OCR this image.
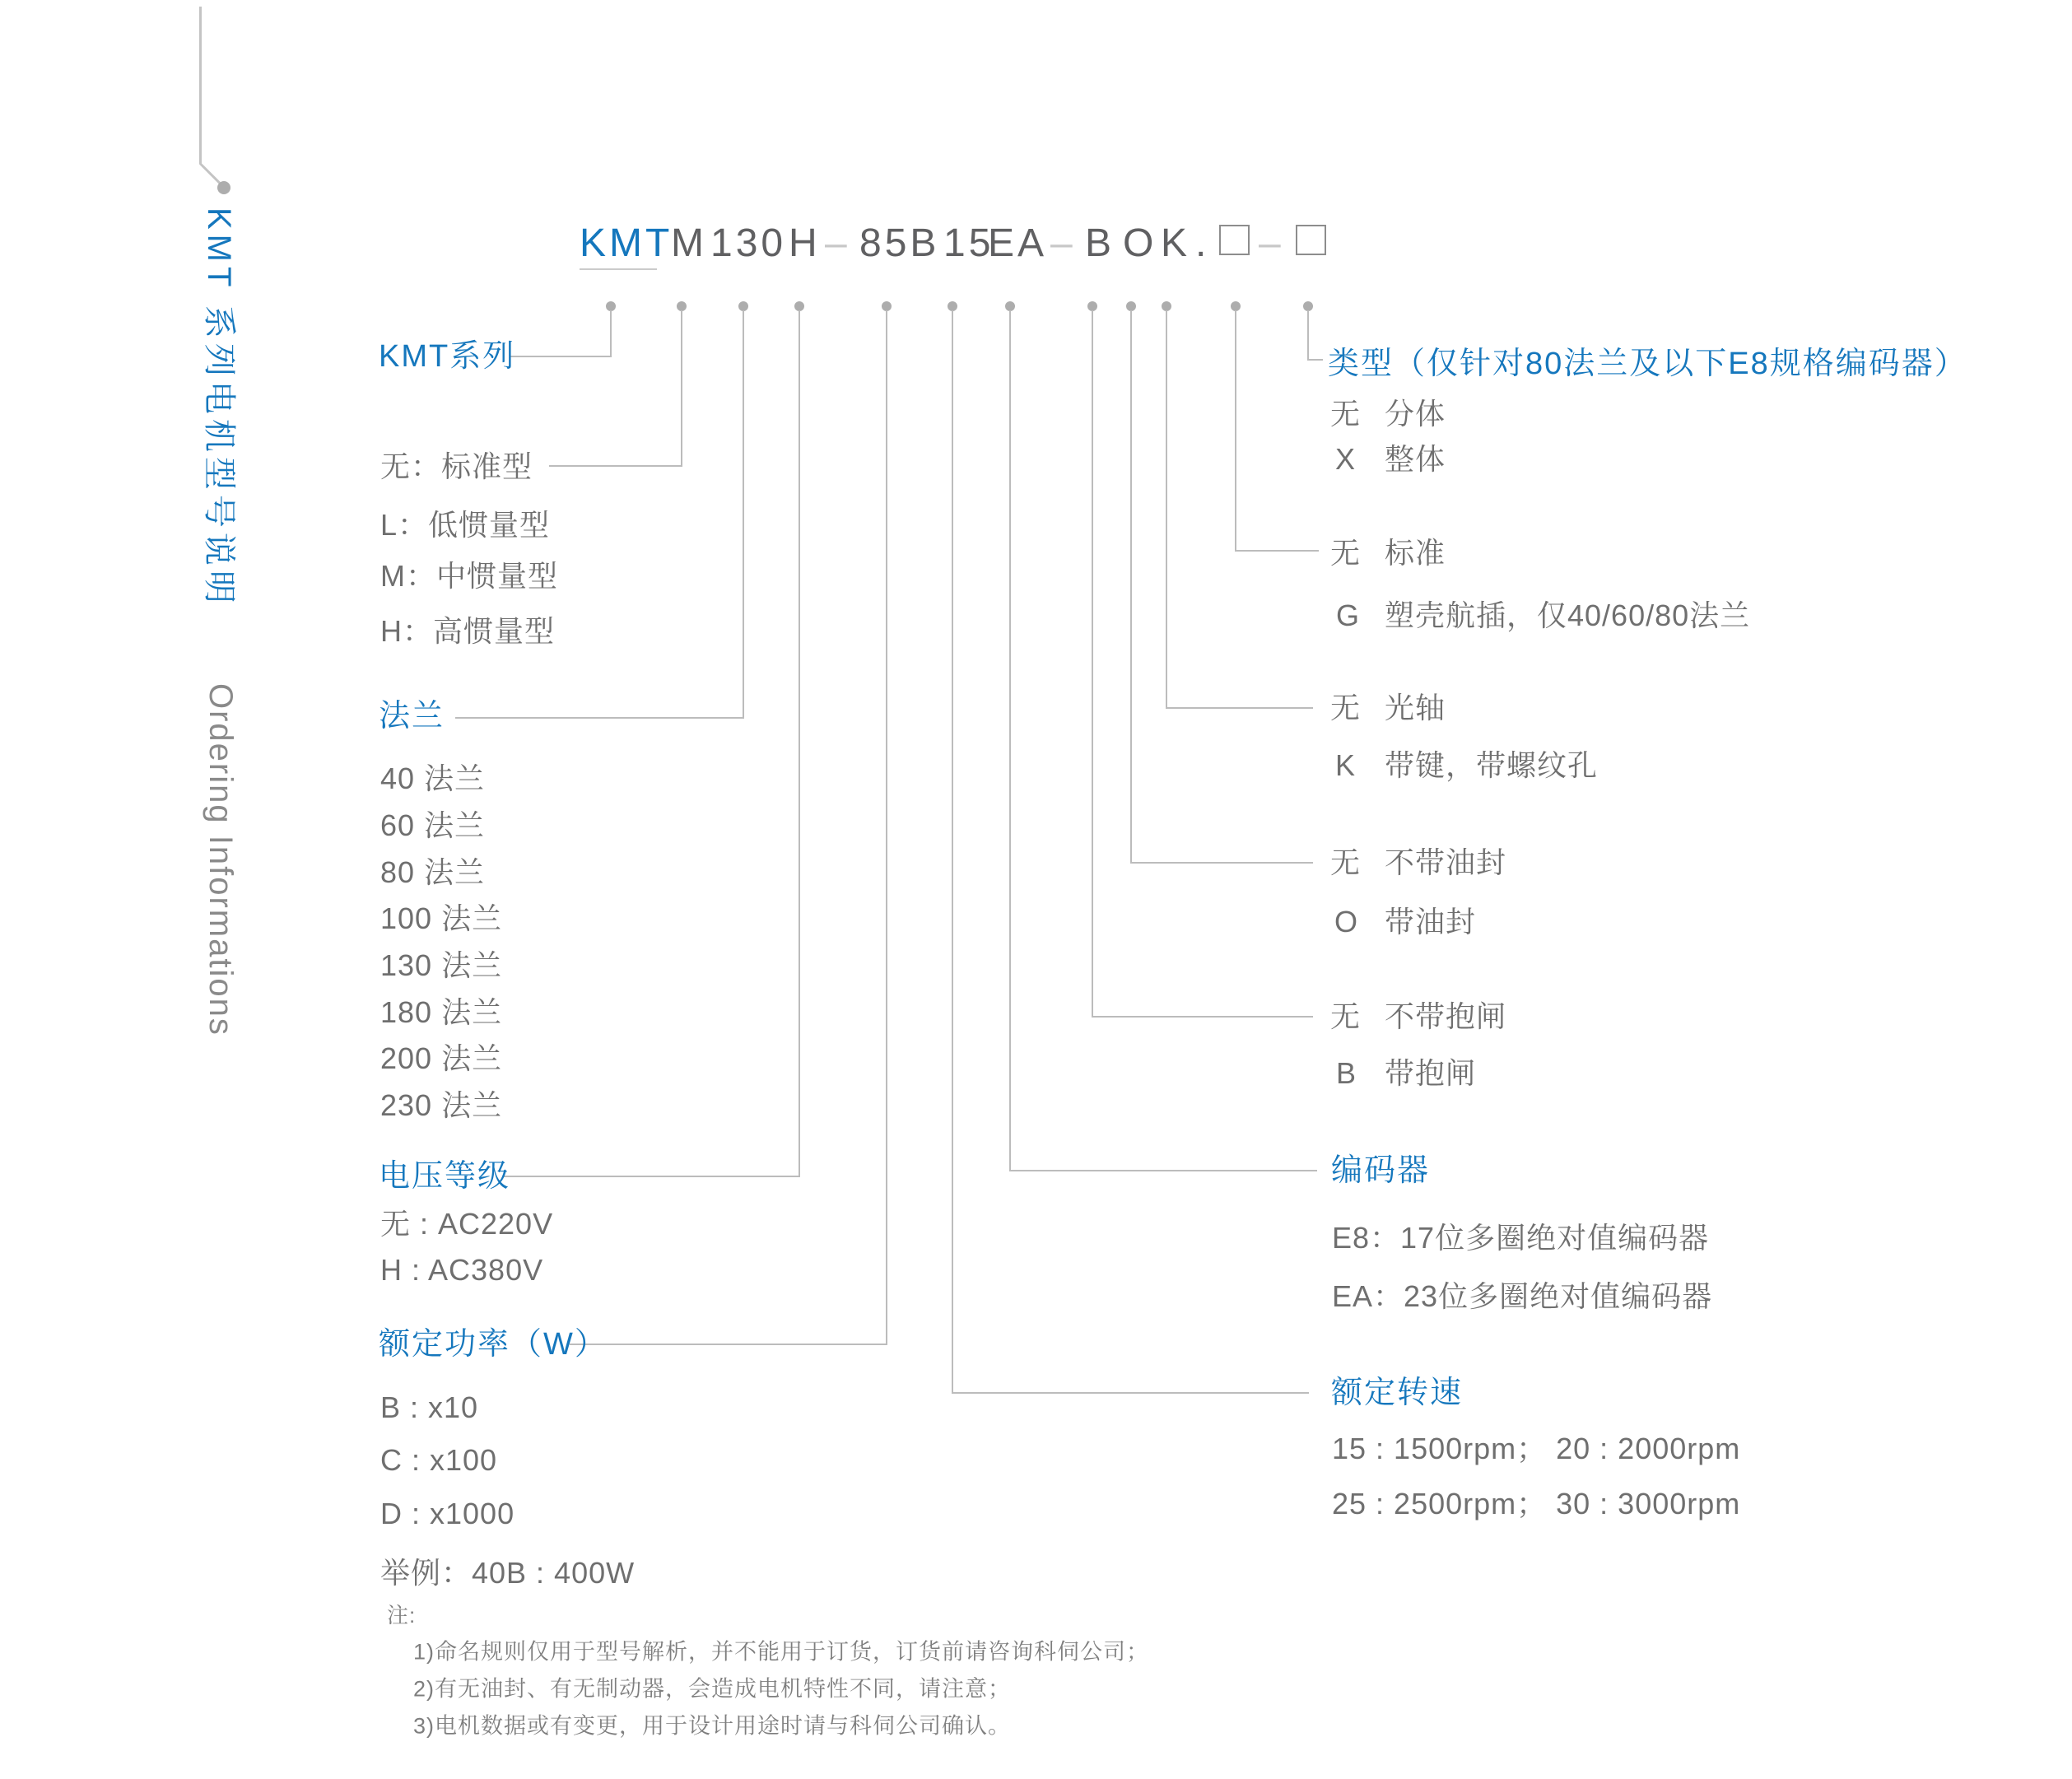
KMT 系列电机型号说明
Ordering Informations
KMT
M 130 H – 85B 15
EA – B O K . –
KMT系列
无：标准型
L：低惯量型
M：中惯量型
H：高惯量型
法兰
40 法兰
60 法兰
80 法兰
100 法兰
130 法兰
180 法兰
200 法兰
230 法兰
电压等级
无 : AC220V
H : AC380V
额定功率（W）
B : x10
C : x100
D : x1000
举例：40B : 400W
注:
1)命名规则仅用于型号解析，并不能用于订货，订货前请咨询科伺公司；
2)有无油封、有无制动器，会造成电机特性不同，请注意；
3)电机数据或有变更，用于设计用途时请与科伺公司确认。
类型（仅针对80法兰及以下E8规格编码器）
无 分体
X 整体
无 标准
G 塑壳航插，仅40/60/80法兰
无 光轴
K 带键，带螺纹孔
无 不带油封
O 带油封
无 不带抱闸
B 带抱闸
编码器
E8：17位多圈绝对值编码器
EA：23位多圈绝对值编码器
额定转速
15 : 1500rpm； 20 : 2000rpm
25 : 2500rpm； 30 : 3000rpm
